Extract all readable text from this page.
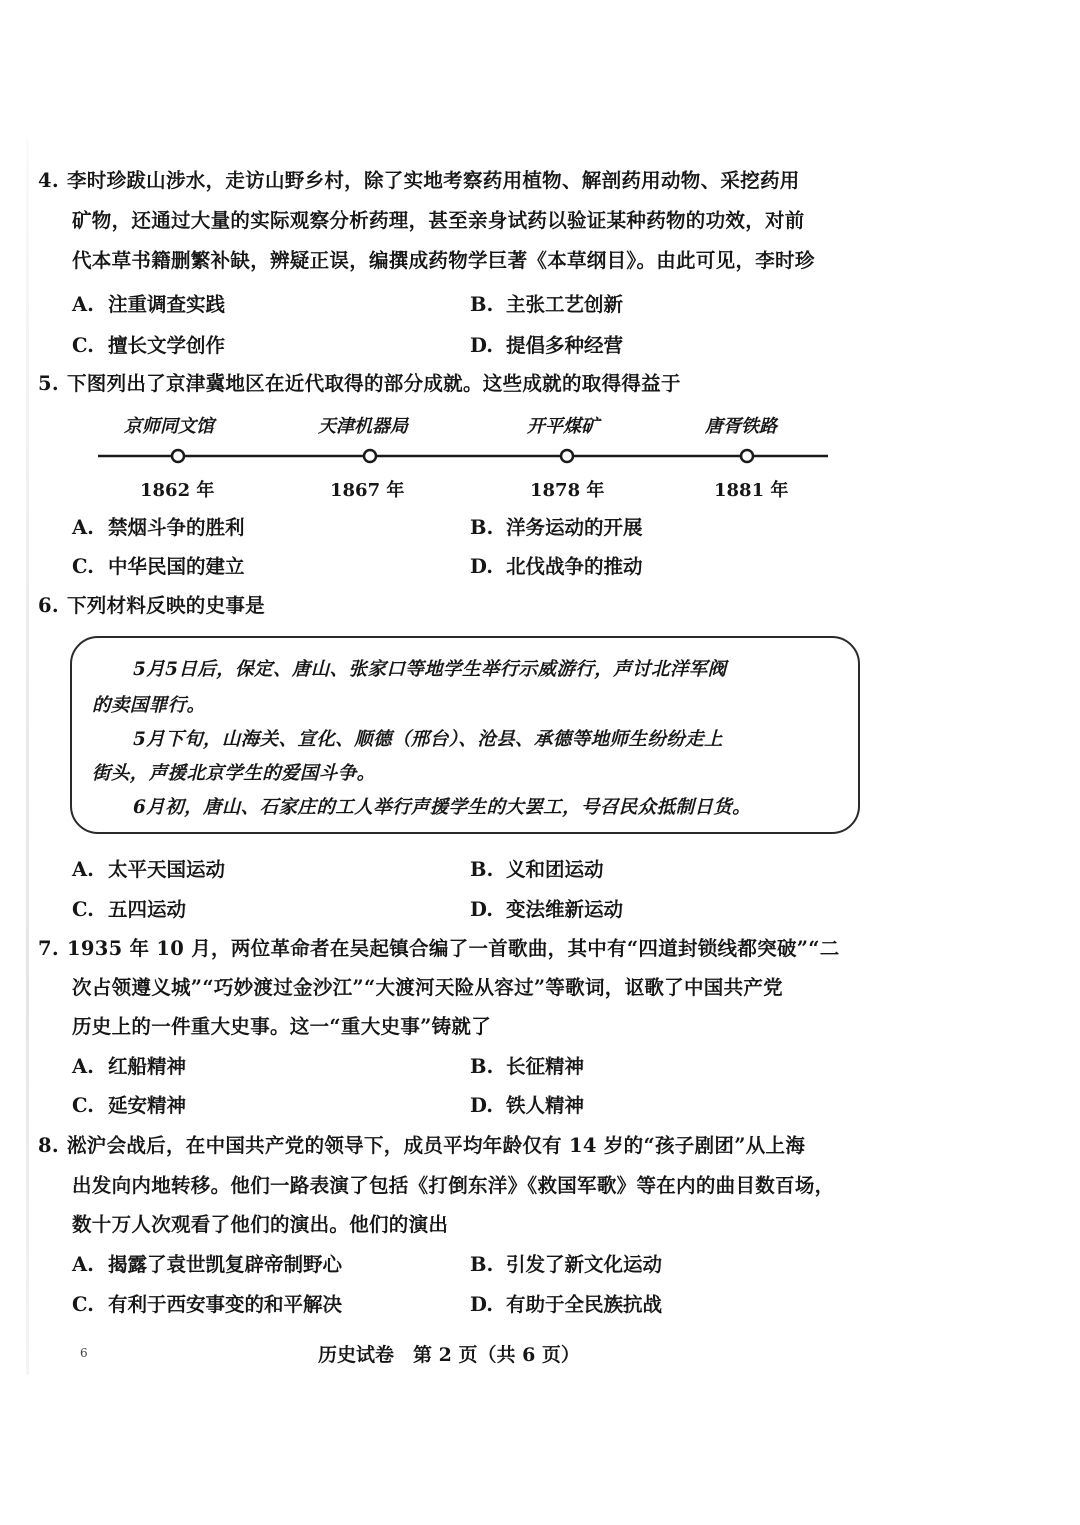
4. 李时珍跋山涉水，走访山野乡村，除了实地考察药用植物、解剖药用动物、采挖药用
矿物，还通过大量的实际观察分析药理，甚至亲身试药以验证某种药物的功效，对前
代本草书籍删繁补缺，辨疑正误，编撰成药物学巨著《本草纲目》。由此可见，李时珍
A. 注重调查实践	B. 主张工艺创新
C. 擅长文学创作	D. 提倡多种经营
5. 下图列出了京津冀地区在近代取得的部分成就。这些成就的取得得益于
京师同文馆	天津机器局	开平煤矿	唐胥铁路
1862 年	1867 年	1878 年	1881 年
A. 禁烟斗争的胜利	B. 洋务运动的开展
C. 中华民国的建立	D. 北伐战争的推动
6. 下列材料反映的史事是
5月5日后，保定、唐山、张家口等地学生举行示威游行，声讨北洋军阀
的卖国罪行。
5月下旬，山海关、宣化、顺德（邢台）、沧县、承德等地师生纷纷走上
街头，声援北京学生的爱国斗争。
6月初，唐山、石家庄的工人举行声援学生的大罢工，号召民众抵制日货。
A. 太平天国运动	B. 义和团运动
C. 五四运动	D. 变法维新运动
7. 1935 年 10 月，两位革命者在吴起镇合编了一首歌曲，其中有“四道封锁线都突破”“二
次占领遵义城”“巧妙渡过金沙江”“大渡河天险从容过”等歌词，讴歌了中国共产党
历史上的一件重大史事。这一“重大史事”铸就了
A. 红船精神	B. 长征精神
C. 延安精神	D. 铁人精神
8. 淞沪会战后，在中国共产党的领导下，成员平均年龄仅有 14 岁的“孩子剧团”从上海
出发向内地转移。他们一路表演了包括《打倒东洋》《救国军歌》等在内的曲目数百场，
数十万人次观看了他们的演出。他们的演出
A. 揭露了袁世凯复辟帝制野心	B. 引发了新文化运动
C. 有利于西安事变的和平解决	D. 有助于全民族抗战
6	历史试卷　第 2 页（共 6 页）
